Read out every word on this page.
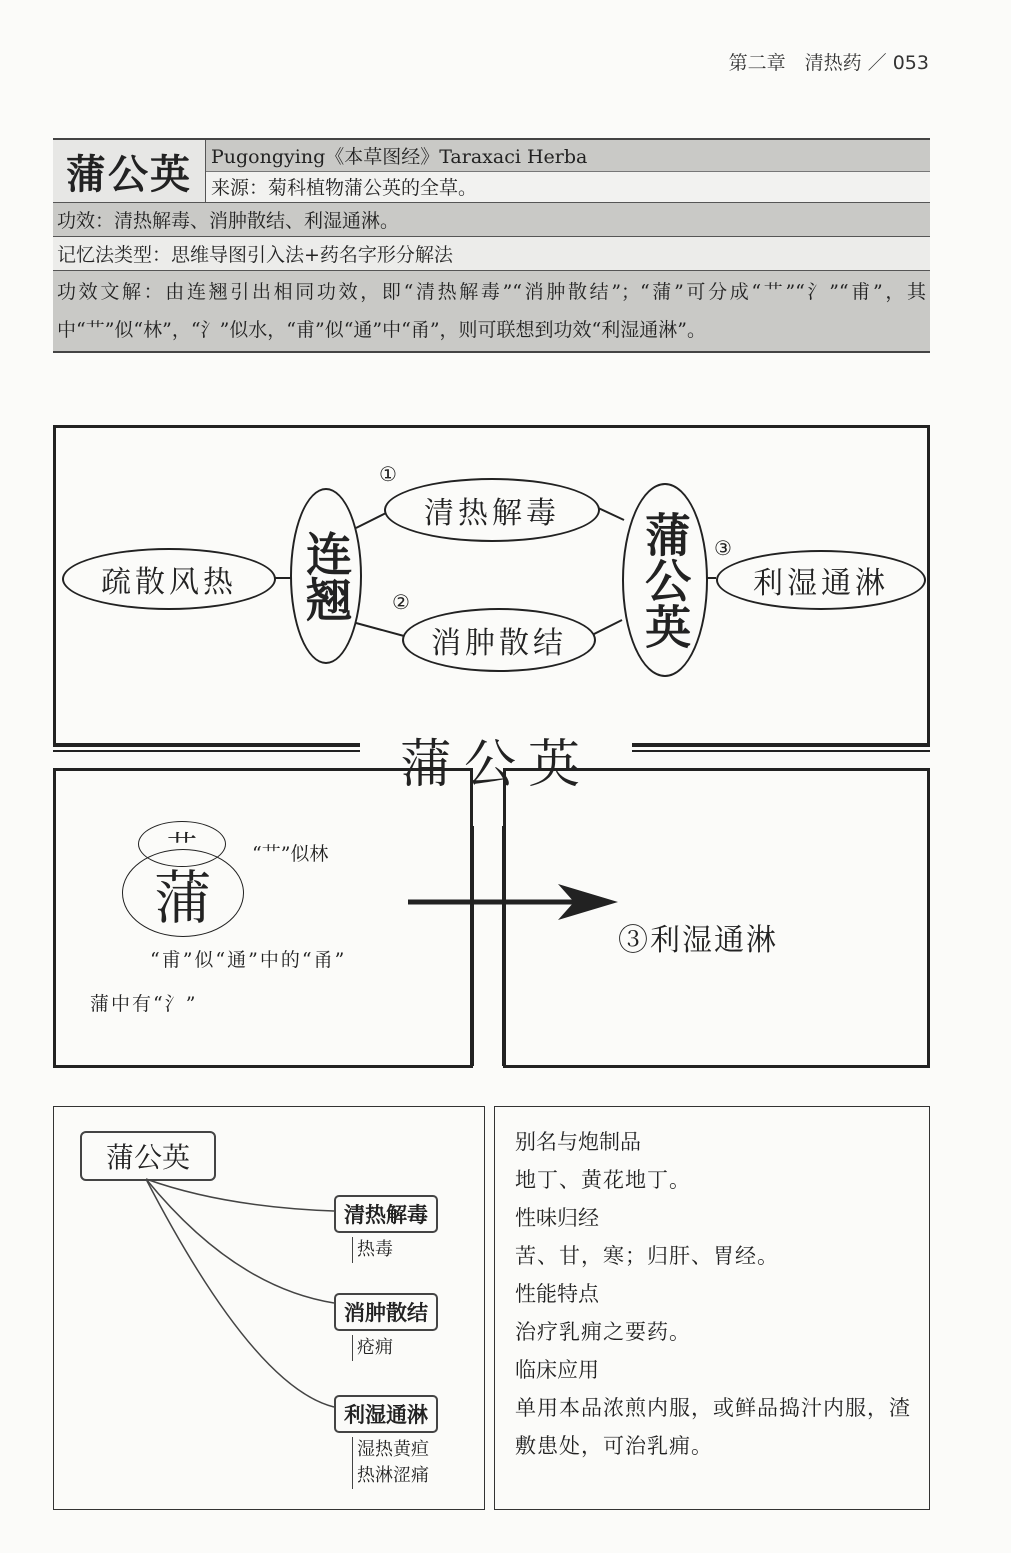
第二章　清热药 ／ 053
蒲公英	Pugongying《本草图经》Taraxaci Herba
来源：菊科植物蒲公英的全草。
功效：清热解毒、消肿散结、利湿通淋。
记忆法类型：思维导图引入法+药名字形分解法
功效文解：由连翘引出相同功效，即“清热解毒”“消肿散结”；“蒲”可分成“艹”“氵”“甫”，其中“艹”似“林”，“氵”似水，“甫”似“通”中“甬”，则可联想到功效“利湿通淋”。
疏散风热	连翘
①
清热解毒
②
消肿散结	蒲公英 ③
利湿通淋
蒲公英
艹
蒲
“艹”似林
“甫”似“通”中的“甬”
蒲中有“氵”
③利湿通淋
蒲公英
清热解毒
热毒
消肿散结
疮痈
利湿通淋
湿热黄疸
热淋涩痛
别名与炮制品
地丁、黄花地丁。
性味归经
苦、甘，寒；归肝、胃经。
性能特点
治疗乳痈之要药。
临床应用
单用本品浓煎内服，或鲜品捣汁内服，渣敷患处，可治乳痈。
